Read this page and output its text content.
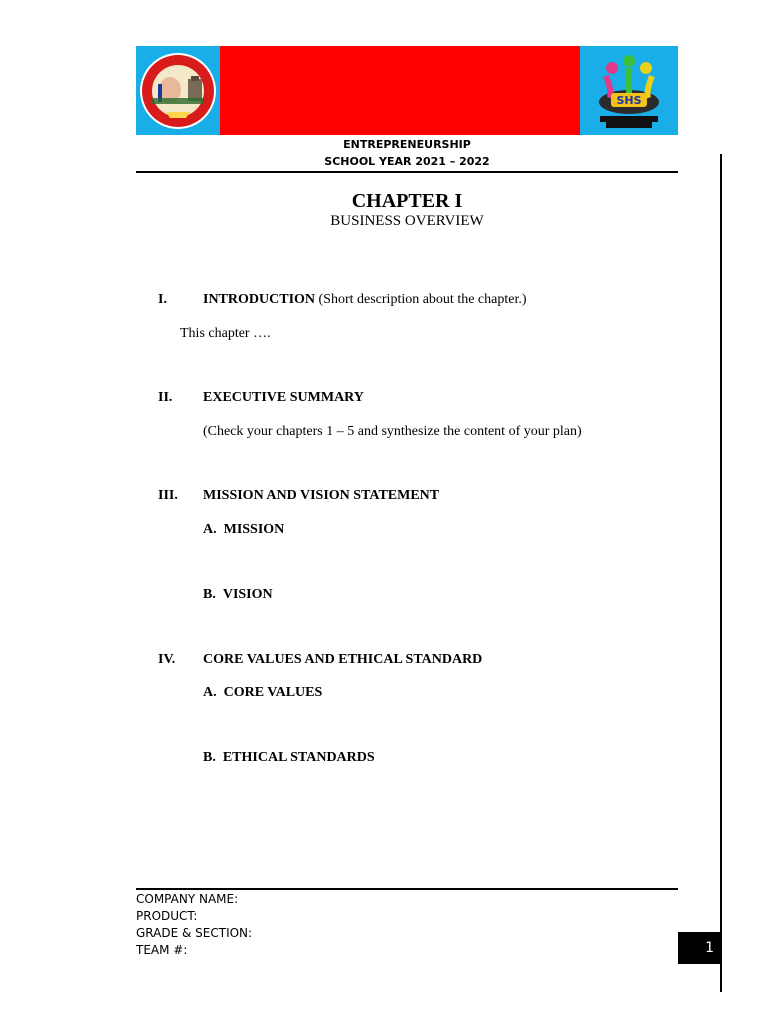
SHS
ENTREPRENEURSHIP
SCHOOL YEAR 2021 – 2022
CHAPTER I
BUSINESS OVERVIEW
I.	INTRODUCTION (Short description about the chapter.)
This chapter ….
II. EXECUTIVE SUMMARY
(Check your chapters 1 – 5 and synthesize the content of your plan)
III. MISSION AND VISION STATEMENT
A.  MISSION
B.  VISION
IV. CORE VALUES AND ETHICAL STANDARD
A.  CORE VALUES
B.  ETHICAL STANDARDS
COMPANY NAME:
PRODUCT:
GRADE & SECTION:
TEAM #:	1
